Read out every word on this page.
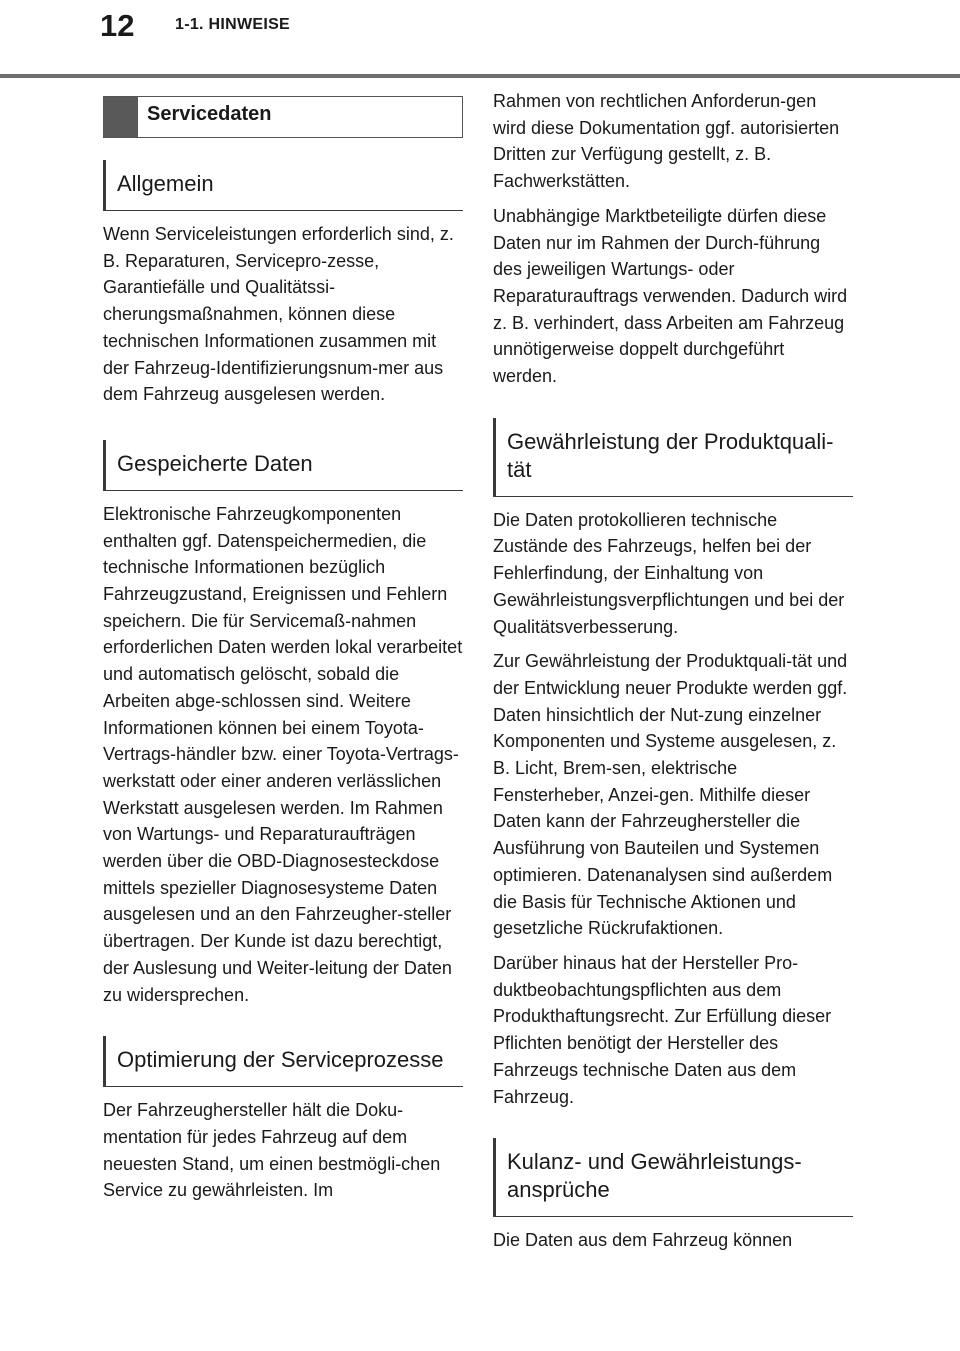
12	1-1. HINWEISE
Servicedaten
Allgemein

Wenn Serviceleistungen erforderlich sind, z. B. Reparaturen, Servicepro-zesse, Garantiefälle und Qualitätssi-cherungsmaßnahmen, können diese technischen Informationen zusammen mit der Fahrzeug-Identifizierungsnum-mer aus dem Fahrzeug ausgelesen werden.

Gespeicherte Daten

Elektronische Fahrzeugkomponenten enthalten ggf. Datenspeichermedien, die technische Informationen bezüglich Fahrzeugzustand, Ereignissen und Fehlern speichern. Die für Servicemaß-nahmen erforderlichen Daten werden lokal verarbeitet und automatisch gelöscht, sobald die Arbeiten abge-schlossen sind. Weitere Informationen können bei einem Toyota-Vertrags-händler bzw. einer Toyota-Vertrags-werkstatt oder einer anderen verlässlichen Werkstatt ausgelesen werden. Im Rahmen von Wartungs- und Reparaturaufträgen werden über die OBD-Diagnosesteckdose mittels spezieller Diagnosesysteme Daten ausgelesen und an den Fahrzeugher-steller übertragen. Der Kunde ist dazu berechtigt, der Auslesung und Weiter-leitung der Daten zu widersprechen.

Optimierung der Serviceprozesse

Der Fahrzeughersteller hält die Doku-mentation für jedes Fahrzeug auf dem neuesten Stand, um einen bestmögli-chen Service zu gewährleisten. Im

Rahmen von rechtlichen Anforderun-gen wird diese Dokumentation ggf. autorisierten Dritten zur Verfügung gestellt, z. B. Fachwerkstätten.

Unabhängige Marktbeteiligte dürfen diese Daten nur im Rahmen der Durch-führung des jeweiligen Wartungs- oder Reparaturauftrags verwenden. Dadurch wird z. B. verhindert, dass Arbeiten am Fahrzeug unnötigerweise doppelt durchgeführt werden.

Gewährleistung der Produktquali-tät

Die Daten protokollieren technische Zustände des Fahrzeugs, helfen bei der Fehlerfindung, der Einhaltung von Gewährleistungsverpflichtungen und bei der Qualitätsverbesserung.

Zur Gewährleistung der Produktquali-tät und der Entwicklung neuer Produkte werden ggf. Daten hinsichtlich der Nut-zung einzelner Komponenten und Systeme ausgelesen, z. B. Licht, Brem-sen, elektrische Fensterheber, Anzei-gen. Mithilfe dieser Daten kann der Fahrzeughersteller die Ausführung von Bauteilen und Systemen optimieren. Datenanalysen sind außerdem die Basis für Technische Aktionen und gesetzliche Rückrufaktionen.

Darüber hinaus hat der Hersteller Pro-duktbeobachtungspflichten aus dem Produkthaftungsrecht. Zur Erfüllung dieser Pflichten benötigt der Hersteller des Fahrzeugs technische Daten aus dem Fahrzeug.

Kulanz- und Gewährleistungs-ansprüche

Die Daten aus dem Fahrzeug können
